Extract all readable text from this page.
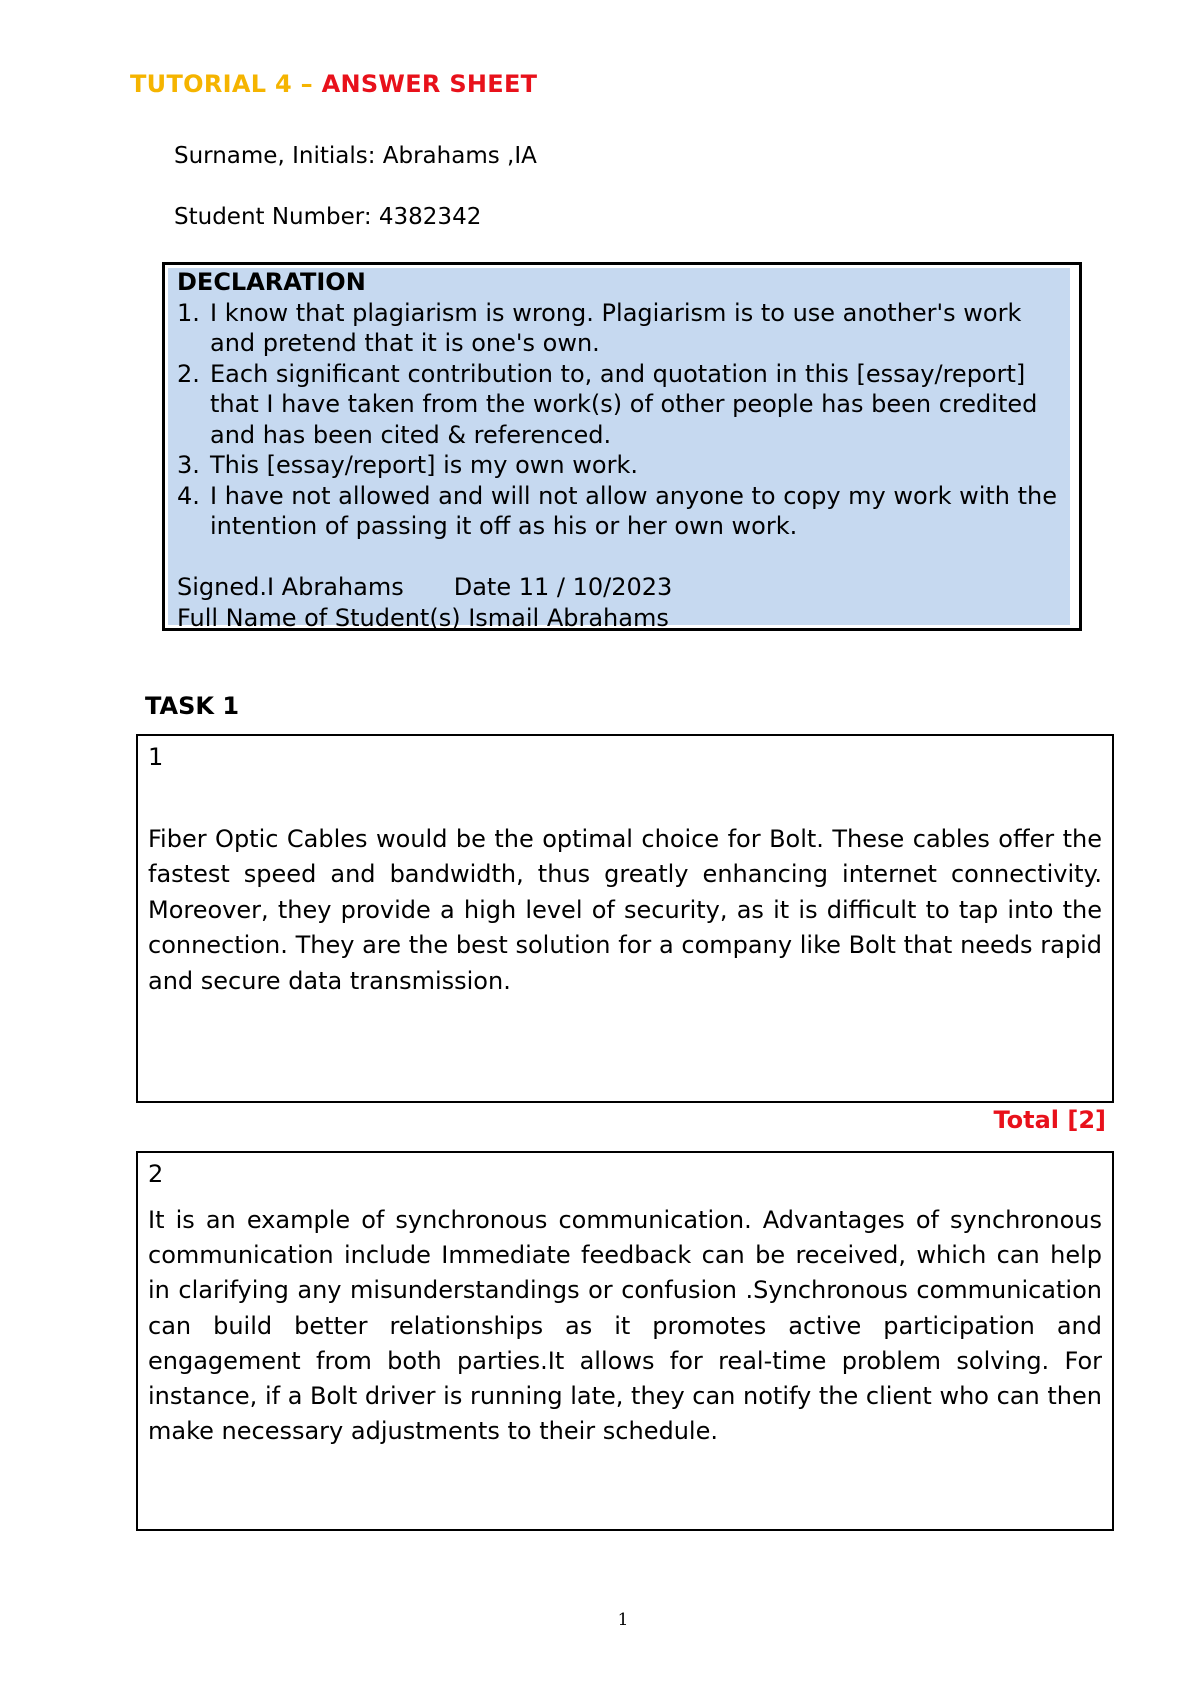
TUTORIAL 4 – ANSWER SHEET
Surname, Initials: Abrahams ,IA
Student Number: 4382342
DECLARATION
1. I know that plagiarism is wrong. Plagiarism is to use another's work and pretend that it is one's own.
2. Each significant contribution to, and quotation in this [essay/report] that I have taken from the work(s) of other people has been credited and has been cited & referenced.
3. This [essay/report] is my own work.
4. I have not allowed and will not allow anyone to copy my work with the intention of passing it off as his or her own work.
Signed.I Abrahams Date 11 / 10/2023
Full Name of Student(s) Ismail Abrahams
TASK 1
1
Fiber Optic Cables would be the optimal choice for Bolt. These cables offer the fastest speed and bandwidth, thus greatly enhancing internet connectivity. Moreover, they provide a high level of security, as it is difficult to tap into the connection. They are the best solution for a company like Bolt that needs rapid and secure data transmission.
Total [2]
2
It is an example of synchronous communication. Advantages of synchronous communication include Immediate feedback can be received, which can help in clarifying any misunderstandings or confusion .Synchronous communication can build better relationships as it promotes active participation and engagement from both parties.It allows for real-time problem solving. For instance, if a Bolt driver is running late, they can notify the client who can then make necessary adjustments to their schedule.
1
